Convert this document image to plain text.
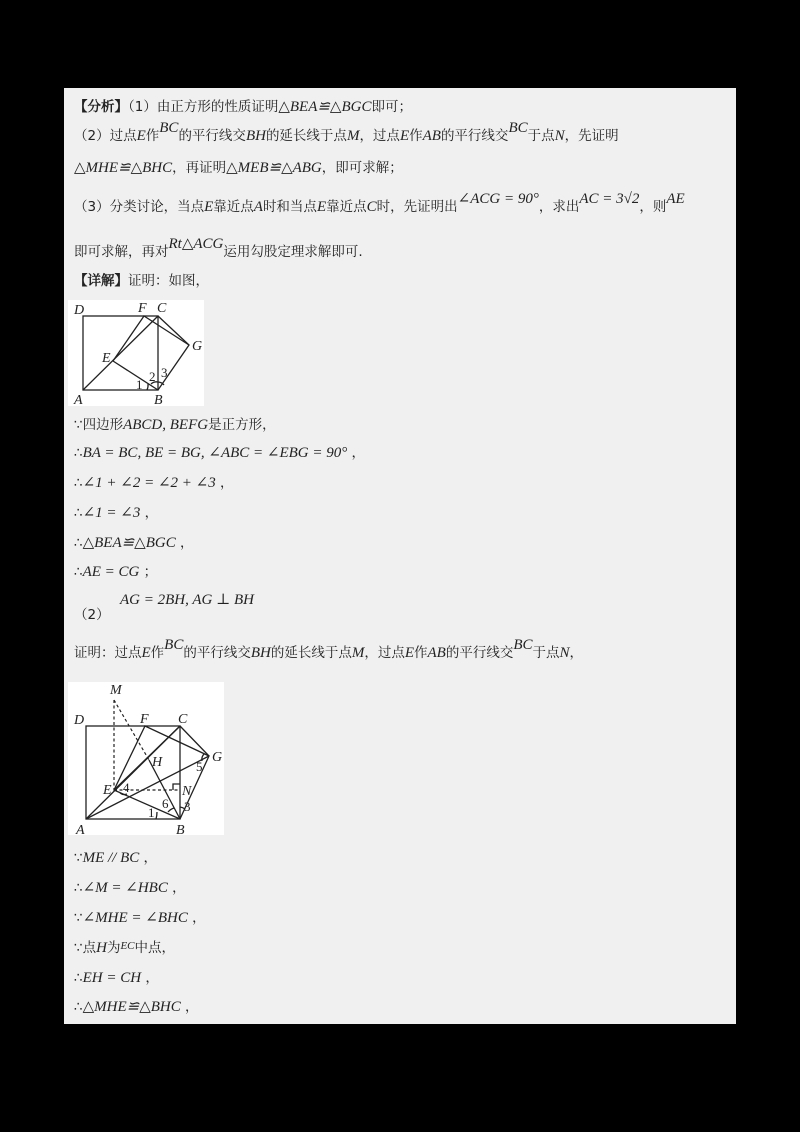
【分析】（1）由正方形的性质证明△BEA≌△BGC即可；
（2）过点E作BC的平行线交BH的延长线于点M，过点E作AB的平行线交BC于点N，先证明
△MHE≌△BHC，再证明△MEB≌△ABG，即可求解；
（3）分类讨论，当点E靠近点A时和当点E靠近点C时，先证明出∠ACG = 90°，求出AC = 3√2，则AE
即可求解，再对Rt△ACG运用勾股定理求解即可.
【详解】证明：如图，
D	F C
G
E
A	B
1
2 3
∵四边形ABCD, BEFG是正方形，
∴BA = BC, BE = BG, ∠ABC = ∠EBG = 90° ，
∴∠1 + ∠2 = ∠2 + ∠3 ，
∴∠1 = ∠3 ，
∴△BEA≌△BGC ，
∴AE = CG ；
AG = 2BH, AG ⊥ BH
（2）
证明：过点E作BC的平行线交BH的延长线于点M，过点E作AB的平行线交BC于点N，
M
D	F C
G
H
E	N
A	B
1 3
4
5
6
∵ME // BC ，
∴∠M = ∠HBC ，
∵∠MHE = ∠BHC ，
∵点H为$^{EC}$中点，
∴EH = CH ，
∴△MHE≌△BHC ，
